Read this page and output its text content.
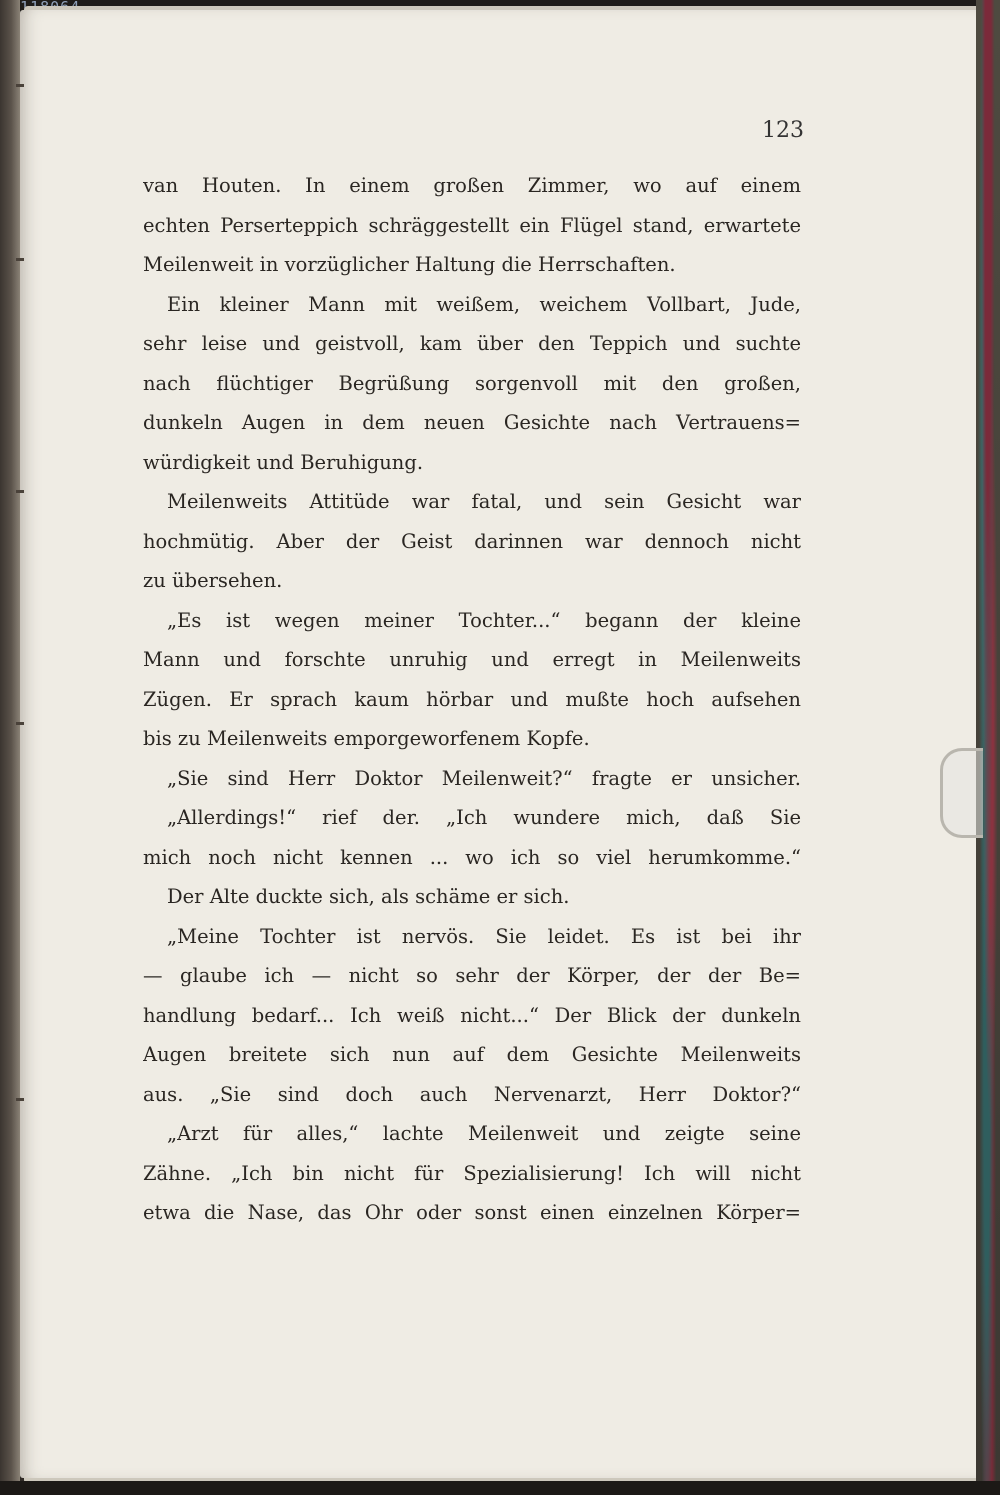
123
van Houten. In einem großen Zimmer, wo auf einem
echten Perserteppich schräggestellt ein Flügel stand, erwartete
Meilenweit in vorzüglicher Haltung die Herrschaften.
Ein kleiner Mann mit weißem, weichem Vollbart, Jude,
sehr leise und geistvoll, kam über den Teppich und suchte
nach flüchtiger Begrüßung sorgenvoll mit den großen,
dunkeln Augen in dem neuen Gesichte nach Vertrauens=
würdigkeit und Beruhigung.
Meilenweits Attitüde war fatal, und sein Gesicht war
hochmütig. Aber der Geist darinnen war dennoch nicht
zu übersehen.
„Es ist wegen meiner Tochter...“ begann der kleine
Mann und forschte unruhig und erregt in Meilenweits
Zügen. Er sprach kaum hörbar und mußte hoch aufsehen
bis zu Meilenweits emporgeworfenem Kopfe.
„Sie sind Herr Doktor Meilenweit?“ fragte er unsicher.
„Allerdings!“ rief der. „Ich wundere mich, daß Sie
mich noch nicht kennen ... wo ich so viel herumkomme.“
Der Alte duckte sich, als schäme er sich.
„Meine Tochter ist nervös. Sie leidet. Es ist bei ihr
— glaube ich — nicht so sehr der Körper, der der Be=
handlung bedarf... Ich weiß nicht...“ Der Blick der dunkeln
Augen breitete sich nun auf dem Gesichte Meilenweits
aus. „Sie sind doch auch Nervenarzt, Herr Doktor?“
„Arzt für alles,“ lachte Meilenweit und zeigte seine
Zähne. „Ich bin nicht für Spezialisierung! Ich will nicht
etwa die Nase, das Ohr oder sonst einen einzelnen Körper=
